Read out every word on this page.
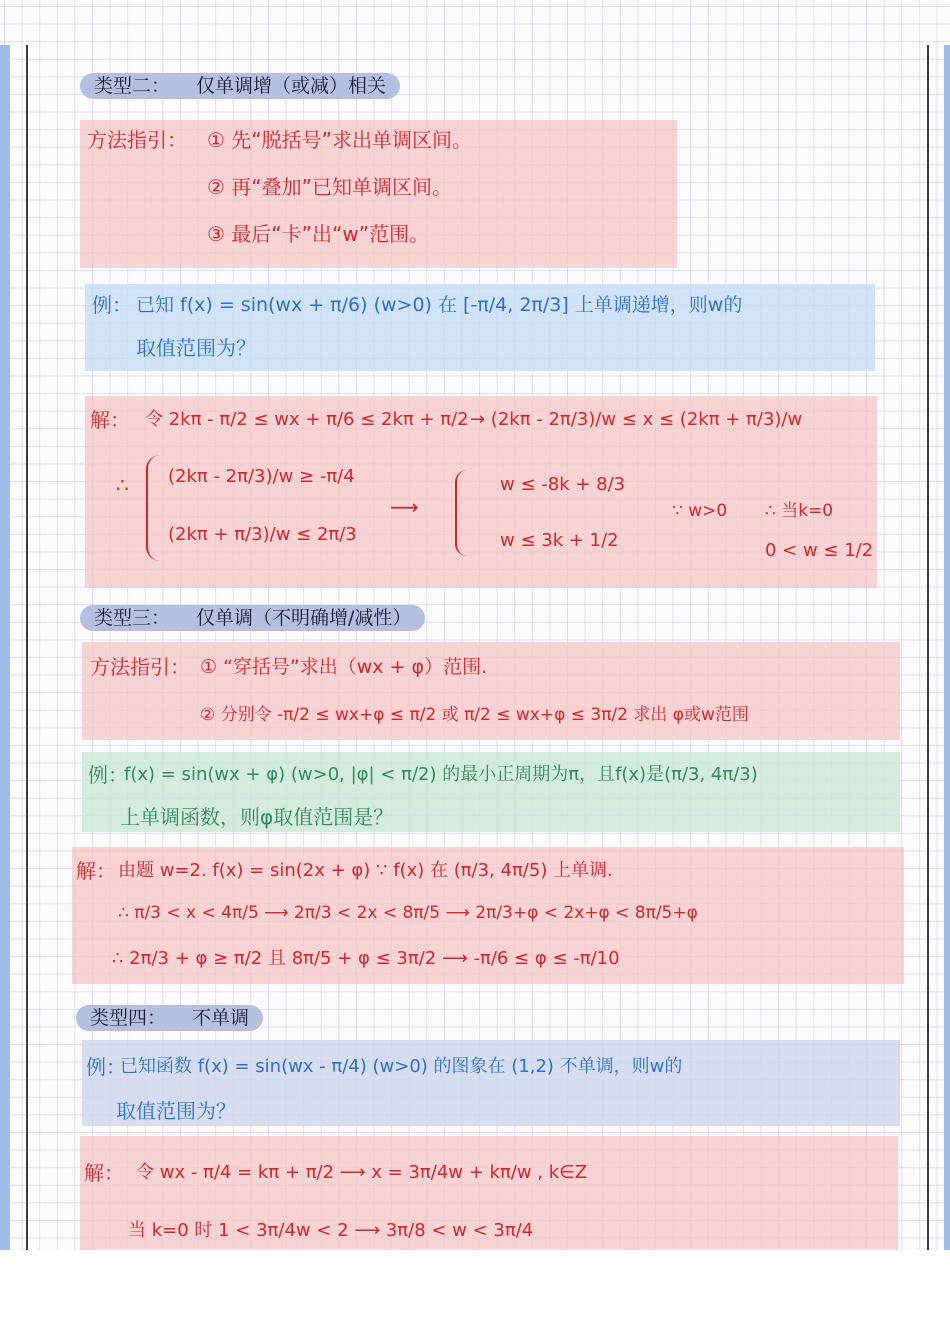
类型二： 仅单调增（或减）相关
方法指引： ① 先“脱括号”求出单调区间。
② 再“叠加”已知单调区间。
③ 最后“卡”出“w”范围。
例： 已知 f(x) = sin(wx + π/6) (w>0) 在 [-π/4, 2π/3] 上单调递增，则w的
取值范围为？
解： 令 2kπ - π/2 ≤ wx + π/6 ≤ 2kπ + π/2 → (2kπ - 2π/3)/w ≤ x ≤ (2kπ + π/3)/w
∴ (2kπ - 2π/3)/w ≥ -π/4
(2kπ + π/3)/w ≤ 2π/3
⟶
w ≤ -8k + 8/3
w ≤ 3k + 1/2
∵ w>0 ∴ 当k=0
0 < w ≤ 1/2
类型三： 仅单调（不明确增/减性）
方法指引： ① “穿括号”求出（wx + φ）范围.
② 分别令 -π/2 ≤ wx+φ ≤ π/2 或 π/2 ≤ wx+φ ≤ 3π/2 求出 φ或w范围
例：
f(x) = sin(wx + φ) (w>0, |φ| < π/2) 的最小正周期为π，且f(x)是(π/3, 4π/3)
上单调函数，则φ取值范围是？
解： 由题 w=2. f(x) = sin(2x + φ) ∵ f(x) 在 (π/3, 4π/5) 上单调.
∴ π/3 < x < 4π/5 ⟶ 2π/3 < 2x < 8π/5 ⟶ 2π/3+φ < 2x+φ < 8π/5+φ
∴ 2π/3 + φ ≥ π/2 且 8π/5 + φ ≤ 3π/2 ⟶ -π/6 ≤ φ ≤ -π/10
类型四： 不单调
例：
已知函数 f(x) = sin(wx - π/4) (w>0) 的图象在 (1,2) 不单调，则w的
取值范围为？
解： 令 wx - π/4 = kπ + π/2 ⟶ x = 3π/4w + kπ/w , k∈Z
当 k=0 时 1 < 3π/4w < 2 ⟶ 3π/8 < w < 3π/4
